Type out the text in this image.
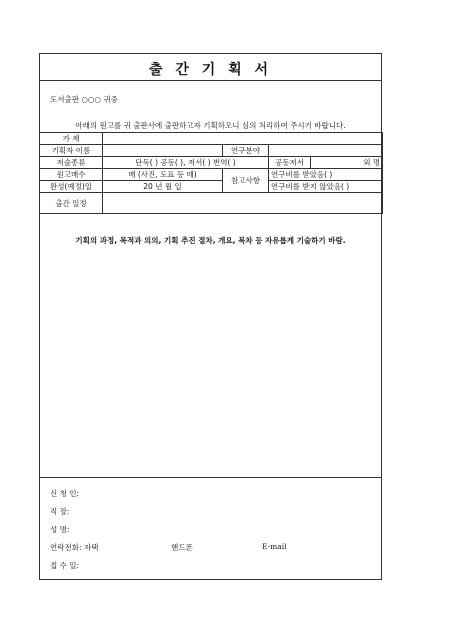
출 간 기 획 서
도서출판 ○○○ 귀중
아래의 원고를 귀 출판사에 출판하고자 기획하오니 심의 처리하여 주시기 바랍니다.
가 제				
기획자 이름		연구분야		
저술종류	단독( ) 공동( ), 저서( ) 번역( )		공동저서	외 명
원고매수	매 (사진, 도표 등 매)	참고사항	연구비를 받았음( )	
완성(예정)일	20 년 월 일		연구비를 받지 않았음( )	
출간 일정				
기획의 과정, 목적과 의의, 기획 추진 절차, 개요, 목차 등 자유롭게 기술하기 바람.
신 청 인:
직 장:
성 명:
연락전화: 자택	핸드폰	E-mail
접 수 일:
